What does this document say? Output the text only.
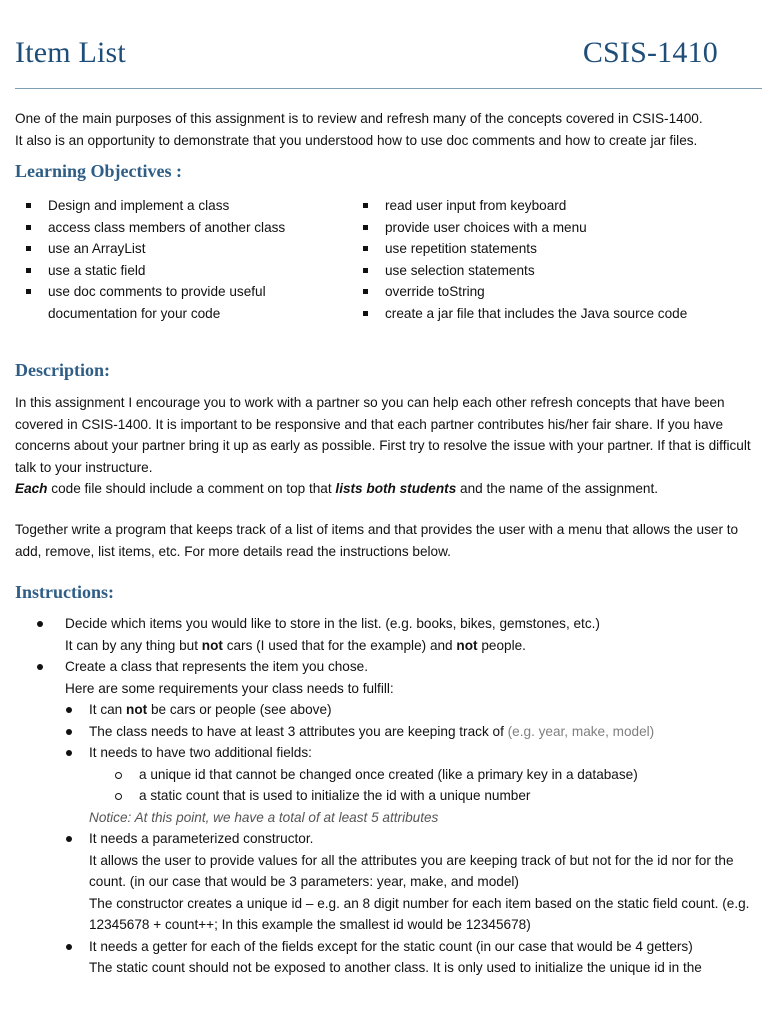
Item List	CSIS-1410
One of the main purposes of this assignment is to review and refresh many of the concepts covered in CSIS-1400.
It also is an opportunity to demonstrate that you understood how to use doc comments and how to create jar files.
Learning Objectives :
Design and implement a class
access class members of another class
use an ArrayList
use a static field
use doc comments to provide useful documentation for your code
read user input from keyboard
provide user choices with a menu
use repetition statements
use selection statements
override toString
create a jar file that includes the Java source code
Description:
In this assignment I encourage you to work with a partner so you can help each other refresh concepts that have been covered in CSIS-1400. It is important to be responsive and that each partner contributes his/her fair share. If you have concerns about your partner bring it up as early as possible. First try to resolve the issue with your partner. If that is difficult talk to your instructure.
Each code file should include a comment on top that lists both students and the name of the assignment.
Together write a program that keeps track of a list of items and that provides the user with a menu that allows the user to add, remove, list items, etc. For more details read the instructions below.
Instructions:
Decide which items you would like to store in the list. (e.g. books, bikes, gemstones, etc.)
It can by any thing but not cars (I used that for the example) and not people.
Create a class that represents the item you chose.
Here are some requirements your class needs to fulfill:
It can not be cars or people (see above)
The class needs to have at least 3 attributes you are keeping track of (e.g. year, make, model)
It needs to have two additional fields:
a unique id that cannot be changed once created (like a primary key in a database)
a static count that is used to initialize the id with a unique number
Notice: At this point, we have a total of at least 5 attributes
It needs a parameterized constructor.
It allows the user to provide values for all the attributes you are keeping track of but not for the id nor for the count. (in our case that would be 3 parameters: year, make, and model)
The constructor creates a unique id – e.g. an 8 digit number for each item based on the static field count. (e.g. 12345678 + count++; In this example the smallest id would be 12345678)
It needs a getter for each of the fields except for the static count (in our case that would be 4 getters)
The static count should not be exposed to another class. It is only used to initialize the unique id in the
